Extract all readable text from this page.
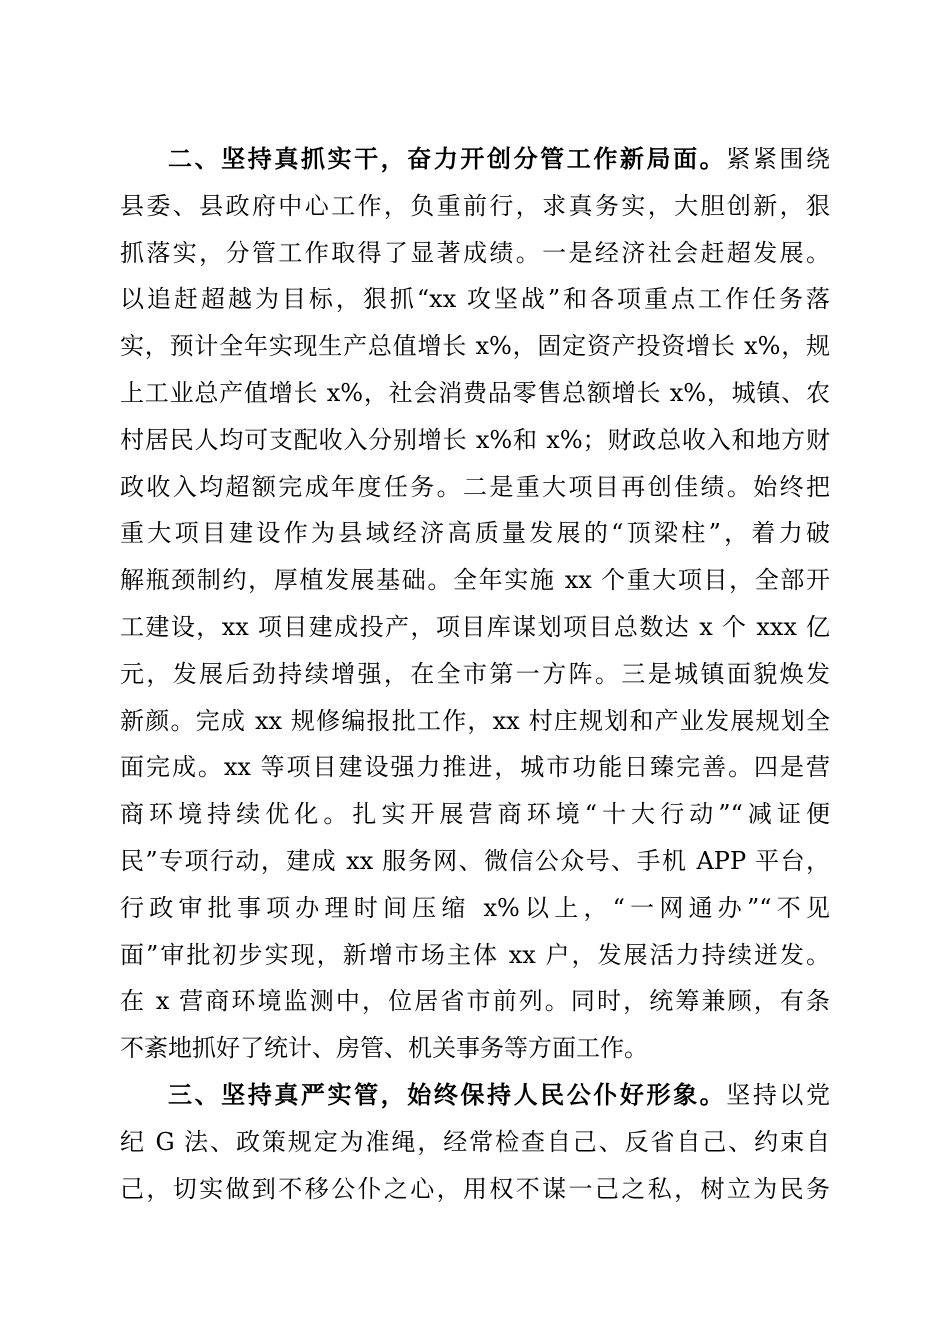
二、坚持真抓实干，奋力开创分管工作新局面。紧紧围绕
县委、县政府中心工作，负重前行，求真务实，大胆创新，狠
抓落实，分管工作取得了显著成绩。一是经济社会赶超发展。
以追赶超越为目标，狠抓“xx 攻坚战”和各项重点工作任务落
实，预计全年实现生产总值增长 x%，固定资产投资增长 x%，规
上工业总产值增长 x%，社会消费品零售总额增长 x%，城镇、农
村居民人均可支配收入分别增长 x%和 x%；财政总收入和地方财
政收入均超额完成年度任务。二是重大项目再创佳绩。始终把
重大项目建设作为县域经济高质量发展的“顶梁柱”，着力破
解瓶颈制约，厚植发展基础。全年实施 xx 个重大项目，全部开
工建设，xx 项目建成投产，项目库谋划项目总数达 x 个 xxx 亿
元，发展后劲持续增强，在全市第一方阵。三是城镇面貌焕发
新颜。完成 xx 规修编报批工作，xx 村庄规划和产业发展规划全
面完成。xx 等项目建设强力推进，城市功能日臻完善。四是营
商环境持续优化。扎实开展营商环境“十大行动”“减证便
民”专项行动，建成 xx 服务网、微信公众号、手机 APP 平台，
行政审批事项办理时间压缩 x%以上，“一网通办”“不见
面”审批初步实现，新增市场主体 xx 户，发展活力持续迸发。
在 x 营商环境监测中，位居省市前列。同时，统筹兼顾，有条
不紊地抓好了统计、房管、机关事务等方面工作。
三、坚持真严实管，始终保持人民公仆好形象。坚持以党
纪 G 法、政策规定为准绳，经常检查自己、反省自己、约束自
己，切实做到不移公仆之心，用权不谋一己之私，树立为民务
